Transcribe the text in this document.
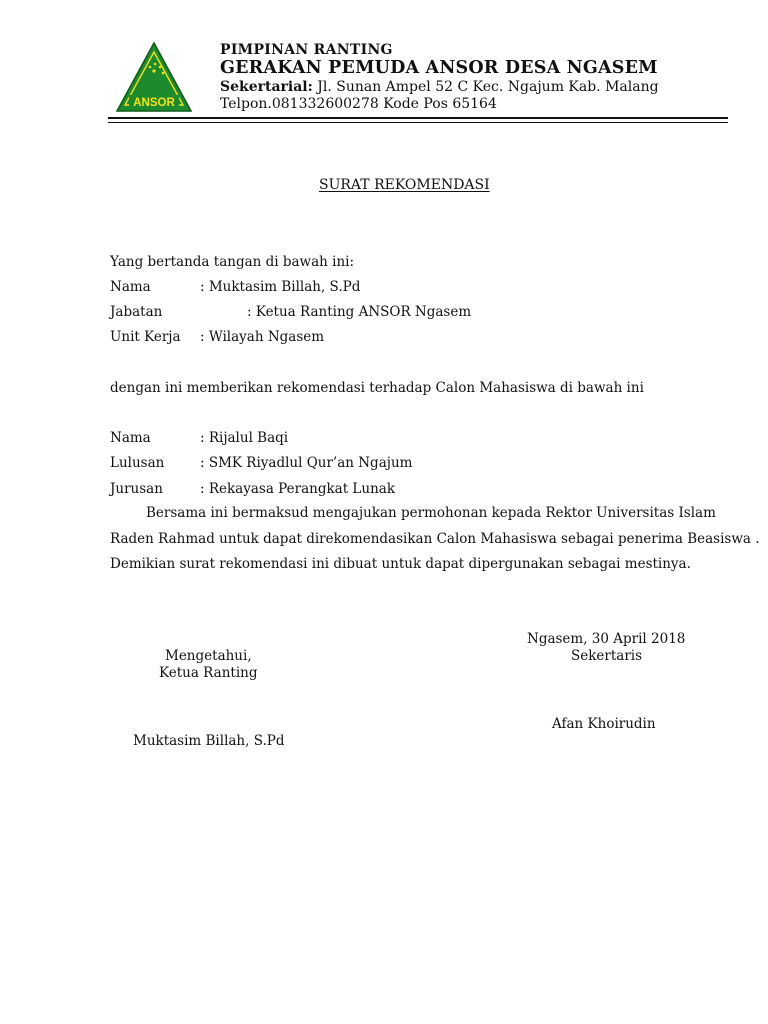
ANSOR
PIMPINAN RANTING
GERAKAN PEMUDA ANSOR DESA NGASEM
Sekertarial: Jl. Sunan Ampel 52 C Kec. Ngajum Kab. Malang
Telpon.081332600278 Kode Pos 65164
SURAT REKOMENDASI
Yang bertanda tangan di bawah ini:
Nama	: Muktasim Billah, S.Pd
Jabatan	: Ketua Ranting ANSOR Ngasem
Unit Kerja : Wilayah Ngasem
dengan ini memberikan rekomendasi terhadap Calon Mahasiswa di bawah ini
Nama	: Rijalul Baqi
Lulusan	: SMK Riyadlul Qur’an Ngajum
Jurusan	: Rekayasa Perangkat Lunak
Bersama ini bermaksud mengajukan permohonan kepada Rektor Universitas Islam
Raden Rahmad untuk dapat direkomendasikan Calon Mahasiswa sebagai penerima Beasiswa .
Demikian surat rekomendasi ini dibuat untuk dapat dipergunakan sebagai mestinya.
Ngasem, 30 April 2018
Sekertaris
Afan Khoirudin
Mengetahui,
Ketua Ranting
Muktasim Billah, S.Pd
